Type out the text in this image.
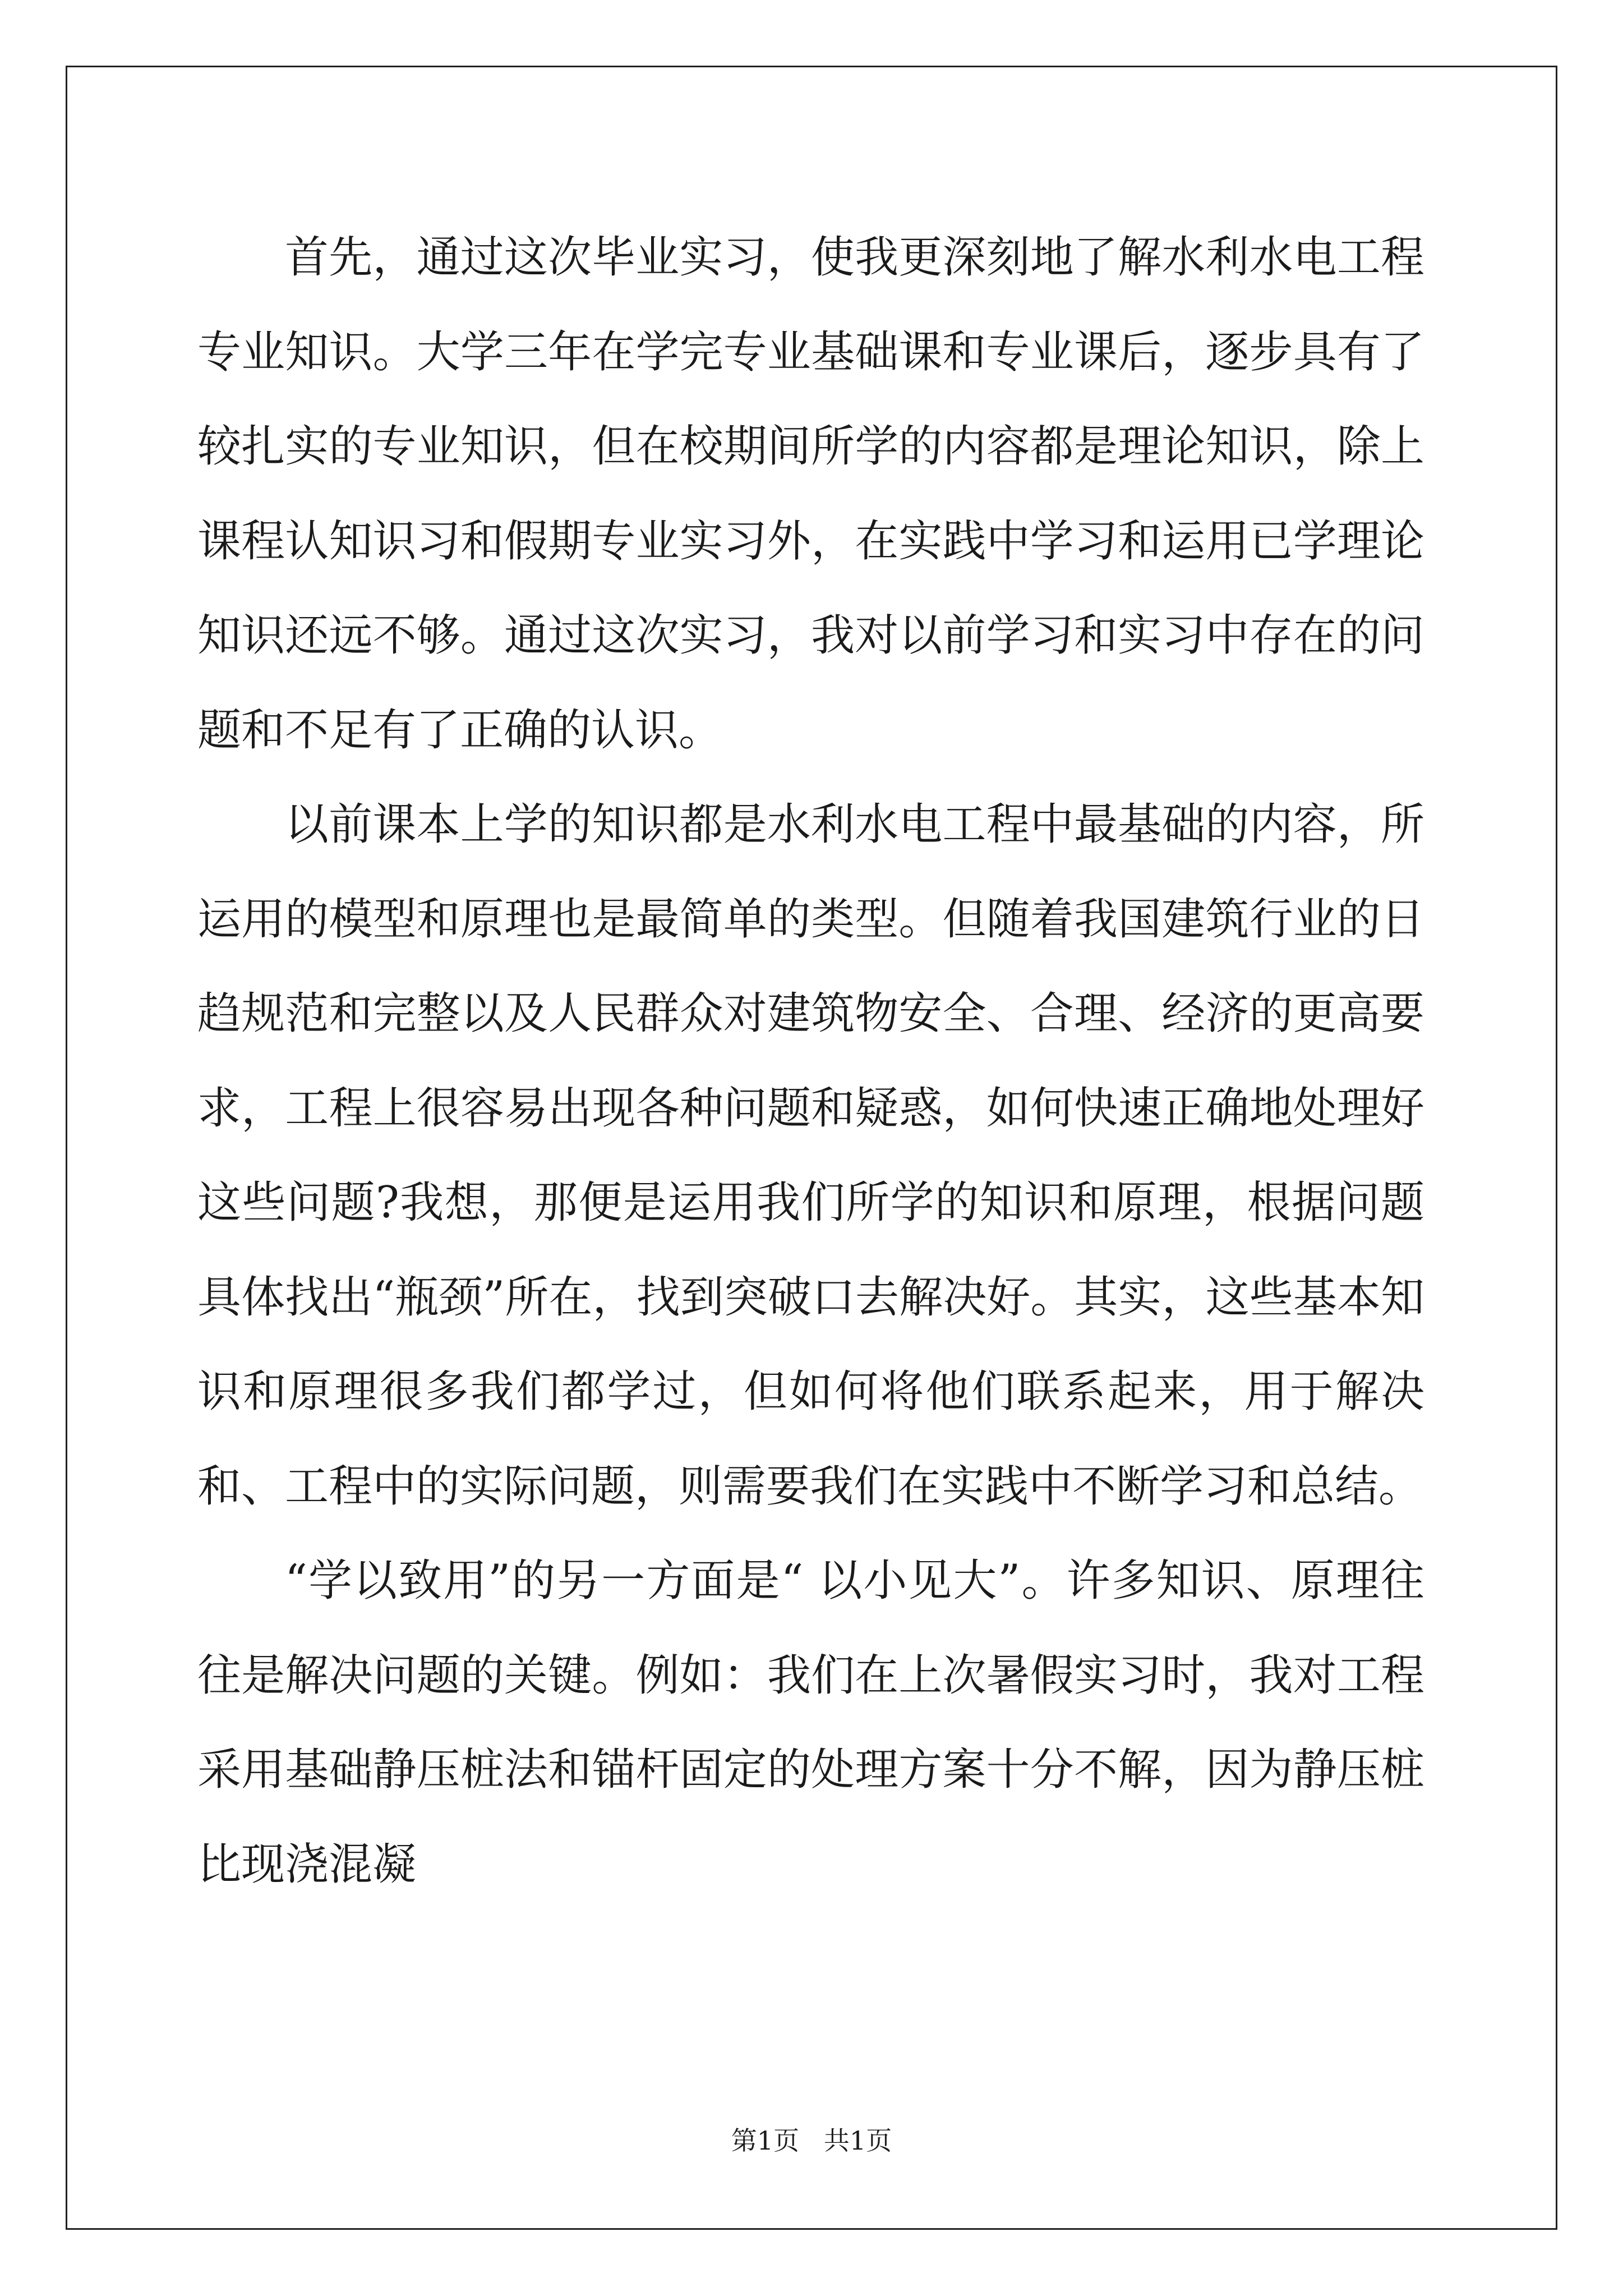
首先，通过这次毕业实习，使我更深刻地了解水利水电工程专业知识。大学三年在学完专业基础课和专业课后，逐步具有了较扎实的专业知识，但在校期间所学的内容都是理论知识，除上课程认知识习和假期专业实习外，在实践中学习和运用已学理论知识还远不够。通过这次实习，我对以前学习和实习中存在的问题和不足有了正确的认识。

以前课本上学的知识都是水利水电工程中最基础的内容，所运用的模型和原理也是最简单的类型。但随着我国建筑行业的日趋规范和完整以及人民群众对建筑物安全、合理、经济的更高要求，工程上很容易出现各种问题和疑惑，如何快速正确地处理好这些问题?我想，那便是运用我们所学的知识和原理，根据问题具体找出“瓶颈”所在，找到突破口去解决好。其实，这些基本知识和原理很多我们都学过，但如何将他们联系起来，用于解决和、工程中的实际问题，则需要我们在实践中不断学习和总结。

“学以致用”的另一方面是“ 以小见大”。许多知识、原理往往是解决问题的关键。例如：我们在上次暑假实习时，我对工程采用基础静压桩法和锚杆固定的处理方案十分不解，因为静压桩比现浇混凝

第1页   共1页
